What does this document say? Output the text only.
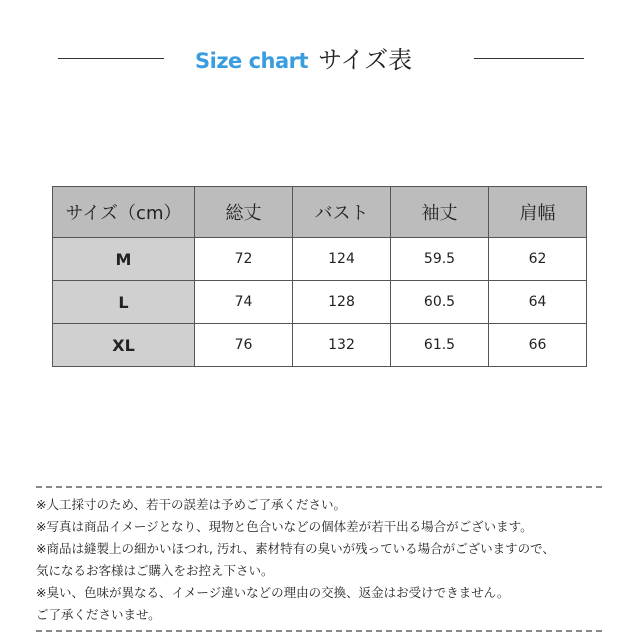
Size chart サイズ表
サイズ（cm）	総丈	バスト	袖丈	肩幅
M	72	124	59.5	62
L	74	128	60.5	64
XL	76	132	61.5	66
※人工採寸のため、若干の誤差は予めご了承ください。
※写真は商品イメージとなり、現物と色合いなどの個体差が若干出る場合がございます。
※商品は縫製上の細かいほつれ, 汚れ、素材特有の臭いが残っている場合がございますので、
気になるお客様はご購入をお控え下さい。
※臭い、色味が異なる、イメージ違いなどの理由の交換、返金はお受けできません。
ご了承くださいませ。
